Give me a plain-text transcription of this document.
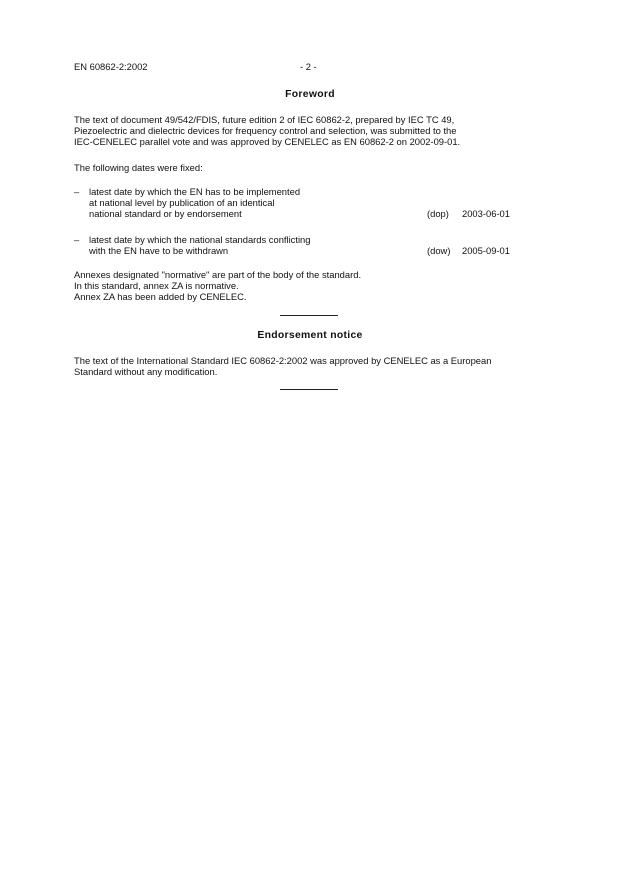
EN 60862-2:2002	- 2 -
Foreword
The text of document 49/542/FDIS, future edition 2 of IEC 60862-2, prepared by IEC TC 49,
Piezoelectric and dielectric devices for frequency control and selection, was submitted to the
IEC-CENELEC parallel vote and was approved by CENELEC as EN 60862-2 on 2002-09-01.
The following dates were fixed:
– latest date by which the EN has to be implemented
at national level by publication of an identical
national standard or by endorsement	(dop) 2003-06-01
– latest date by which the national standards conflicting
with the EN have to be withdrawn	(dow) 2005-09-01
Annexes designated "normative" are part of the body of the standard.
In this standard, annex ZA is normative.
Annex ZA has been added by CENELEC.
Endorsement notice
The text of the International Standard IEC 60862-2:2002 was approved by CENELEC as a European
Standard without any modification.
